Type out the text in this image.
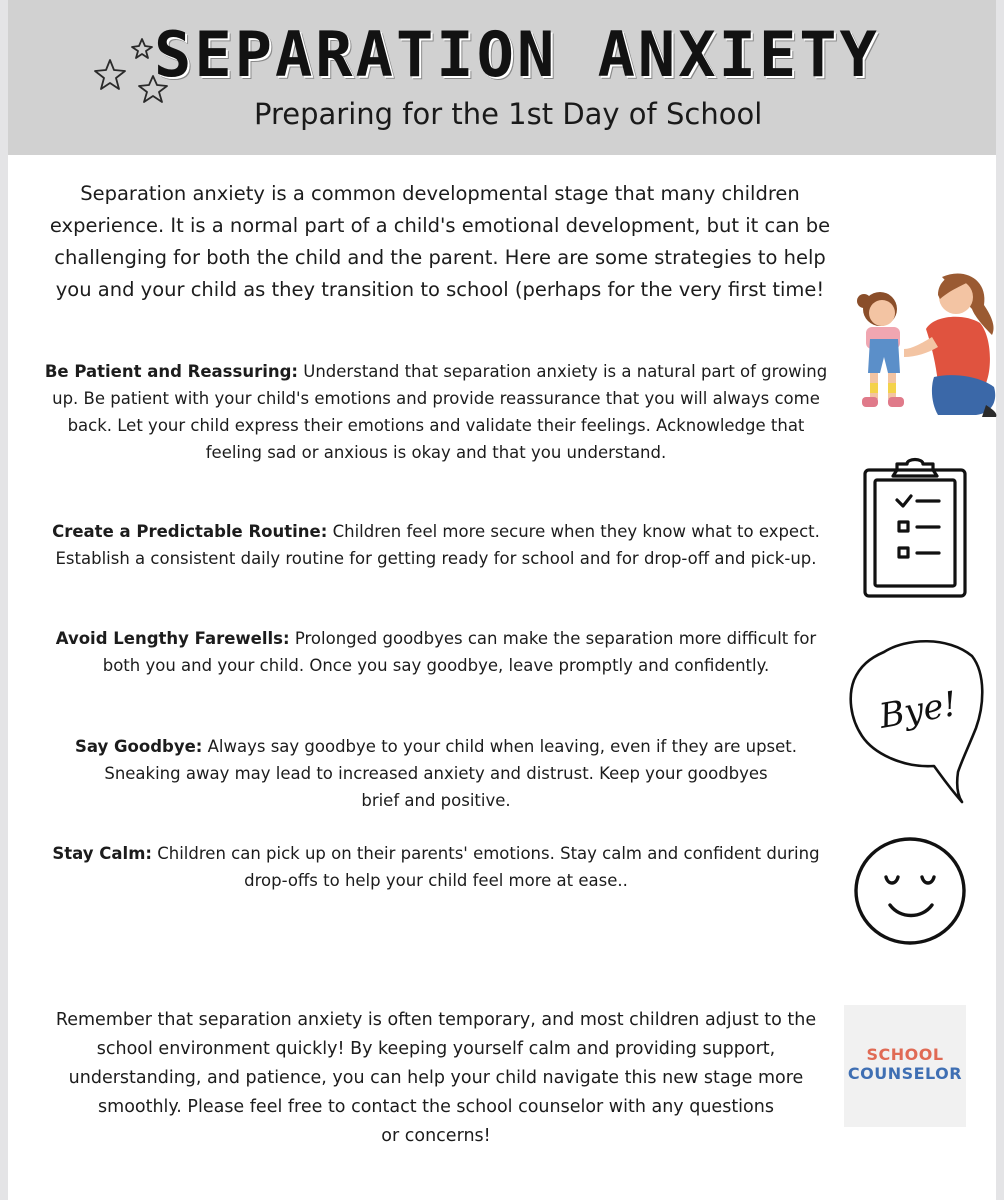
SEPARATION ANXIETY
Preparing for the 1st Day of School
Separation anxiety is a common developmental stage that many children
experience. It is a normal part of a child's emotional development, but it can be
challenging for both the child and the parent. Here are some strategies to help
you and your child as they transition to school (perhaps for the very first time!
Be Patient and Reassuring: Understand that separation anxiety is a natural part of growing
up. Be patient with your child's emotions and provide reassurance that you will always come
back. Let your child express their emotions and validate their feelings. Acknowledge that
feeling sad or anxious is okay and that you understand.
Create a Predictable Routine: Children feel more secure when they know what to expect.
Establish a consistent daily routine for getting ready for school and for drop-off and pick-up.
Avoid Lengthy Farewells: Prolonged goodbyes can make the separation more difficult for
both you and your child. Once you say goodbye, leave promptly and confidently.
Say Goodbye: Always say goodbye to your child when leaving, even if they are upset.
Sneaking away may lead to increased anxiety and distrust. Keep your goodbyes
brief and positive.
Stay Calm: Children can pick up on their parents' emotions. Stay calm and confident during
drop-offs to help your child feel more at ease..
Remember that separation anxiety is often temporary, and most children adjust to the
school environment quickly! By keeping yourself calm and providing support,
understanding, and patience, you can help your child navigate this new stage more
smoothly. Please feel free to contact the school counselor with any questions
or concerns!
Bye!
SCHOOL
COUNSELOR
